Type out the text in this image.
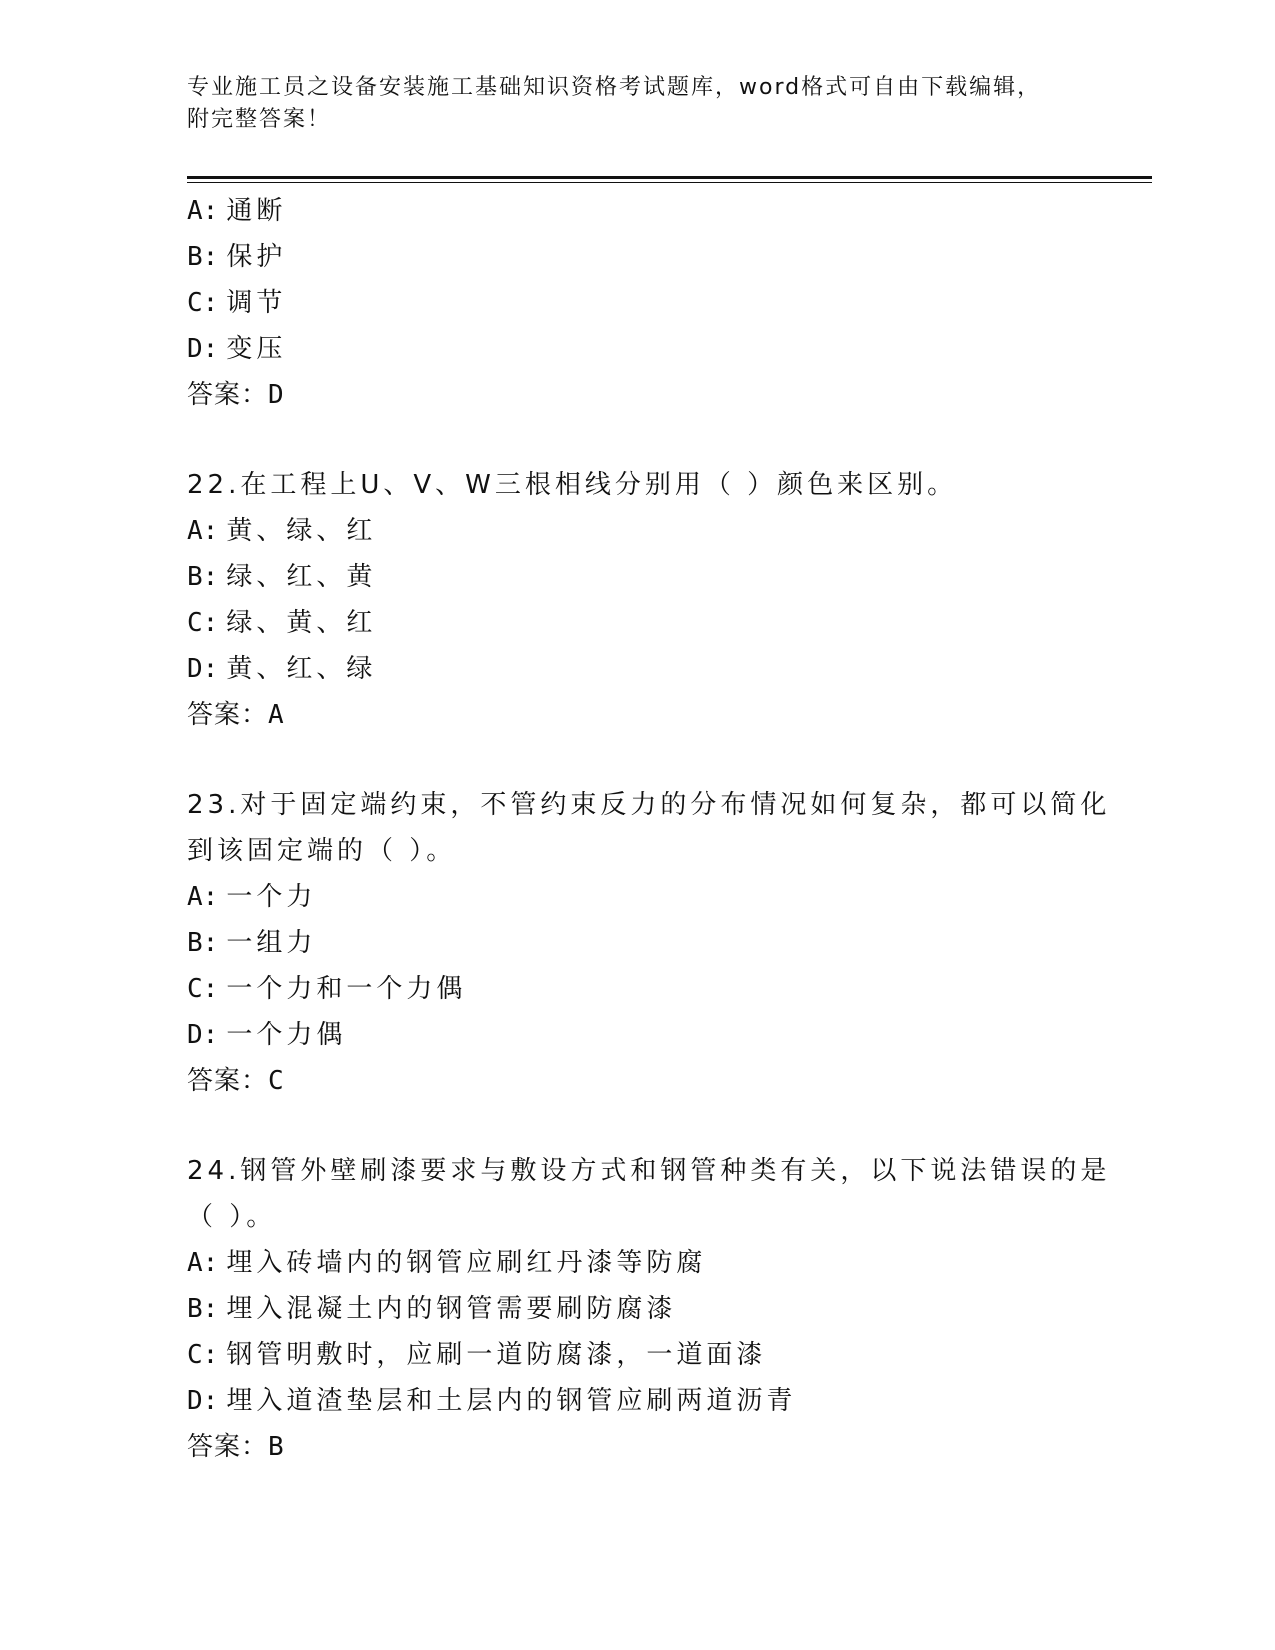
专业施工员之设备安装施工基础知识资格考试题库，word格式可自由下载编辑，
附完整答案！
A: 通断
B: 保护
C: 调节
D: 变压
答案：D
22.在工程上U、V、W三根相线分别用（ ）颜色来区别。
A: 黄、绿、红
B: 绿、红、黄
C: 绿、黄、红
D: 黄、红、绿
答案：A
23.对于固定端约束，不管约束反力的分布情况如何复杂，都可以简化
到该固定端的（ ）。
A: 一个力
B: 一组力
C: 一个力和一个力偶
D: 一个力偶
答案：C
24.钢管外壁刷漆要求与敷设方式和钢管种类有关，以下说法错误的是
（ ）。
A: 埋入砖墙内的钢管应刷红丹漆等防腐
B: 埋入混凝土内的钢管需要刷防腐漆
C: 钢管明敷时，应刷一道防腐漆，一道面漆
D: 埋入道渣垫层和土层内的钢管应刷两道沥青
答案：B
